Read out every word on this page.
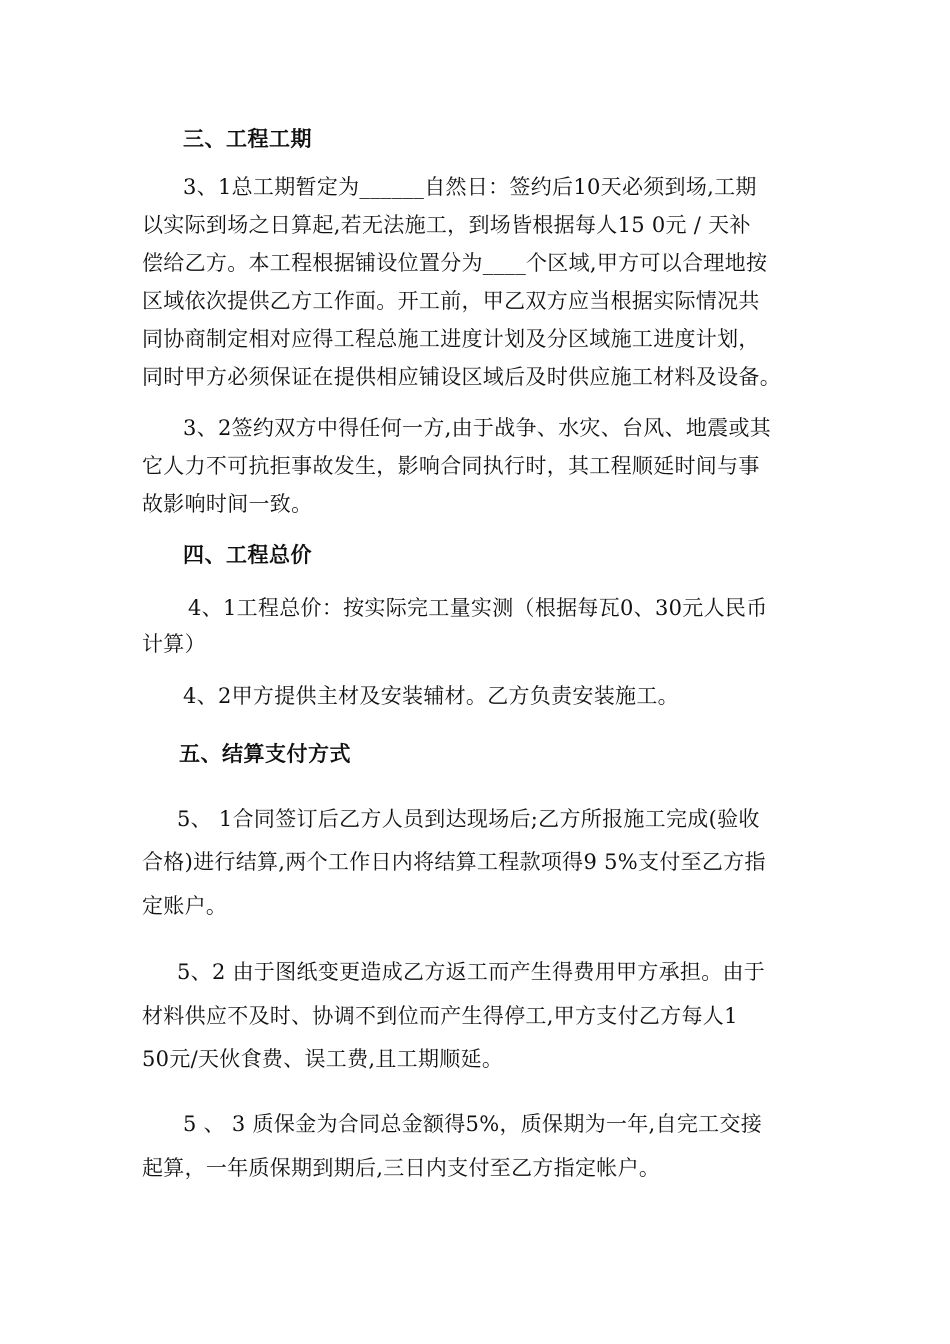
三、工程工期
3、1总工期暂定为______自然日：签约后10天必须到场,工期
以实际到场之日算起,若无法施工，到场皆根据每人15 0元 / 天补
偿给乙方。本工程根据铺设位置分为____个区域,甲方可以合理地按
区域依次提供乙方工作面。开工前，甲乙双方应当根据实际情况共
同协商制定相对应得工程总施工进度计划及分区域施工进度计划，
同时甲方必须保证在提供相应铺设区域后及时供应施工材料及设备。
3、2签约双方中得任何一方,由于战争、水灾、台风、地震或其
它人力不可抗拒事故发生，影响合同执行时，其工程顺延时间与事
故影响时间一致。
四、工程总价
4、1工程总价：按实际完工量实测（根据每瓦0、30元人民币
计算）
4、2甲方提供主材及安装辅材。乙方负责安装施工。
五、结算支付方式
5、 1合同签订后乙方人员到达现场后;乙方所报施工完成(验收
合格)进行结算,两个工作日内将结算工程款项得9 5%支付至乙方指
定账户。
5、2 由于图纸变更造成乙方返工而产生得费用甲方承担。由于
材料供应不及时、协调不到位而产生得停工,甲方支付乙方每人1
50元/天伙食费、误工费,且工期顺延。
5 、 3 质保金为合同总金额得5%，质保期为一年,自完工交接
起算，一年质保期到期后,三日内支付至乙方指定帐户。
